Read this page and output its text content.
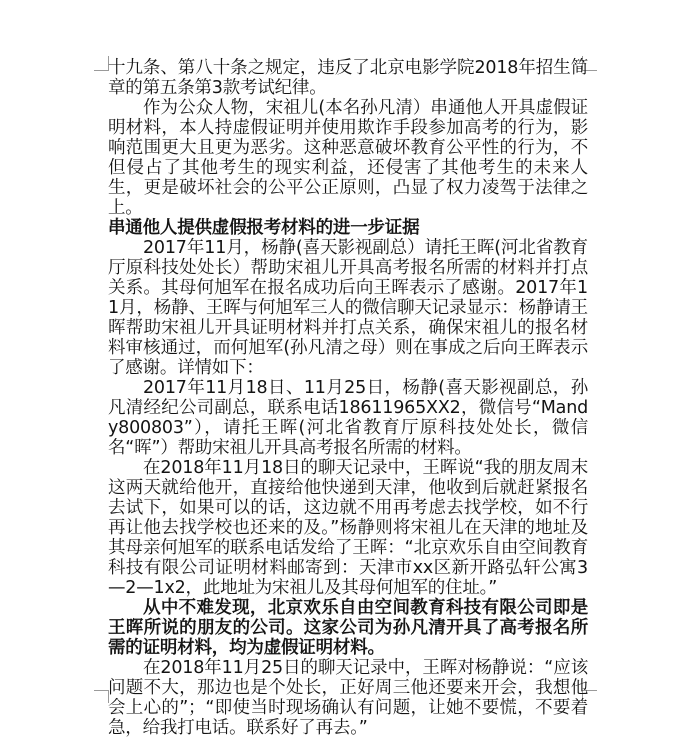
十九条、第八十条之规定，违反了北京电影学院2018年招生简章的第五条第3款考试纪律。

作为公众人物，宋祖儿(本名孙凡清）串通他人开具虚假证明材料，本人持虚假证明并使用欺诈手段参加高考的行为，影响范围更大且更为恶劣。这种恶意破坏教育公平性的行为，不但侵占了其他考生的现实利益，还侵害了其他考生的未来人生，更是破坏社会的公平公正原则，凸显了权力凌驾于法律之上。

串通他人提供虚假报考材料的进一步证据

2017年11月，杨静(喜天影视副总）请托王晖(河北省教育厅原科技处处长）帮助宋祖儿开具高考报名所需的材料并打点关系。其母何旭军在报名成功后向王晖表示了感谢。2017年11月，杨静、王晖与何旭军三人的微信聊天记录显示：杨静请王晖帮助宋祖儿开具证明材料并打点关系，确保宋祖儿的报名材料审核通过，而何旭军(孙凡清之母）则在事成之后向王晖表示了感谢。详情如下：

2017年11月18日、11月25日，杨静(喜天影视副总，孙凡清经纪公司副总，联系电话18611965XX2，微信号“Mandy800803”），请托王晖(河北省教育厅原科技处处长，微信名“晖”）帮助宋祖儿开具高考报名所需的材料。

在2018年11月18日的聊天记录中，王晖说“我的朋友周末这两天就给他开，直接给他快递到天津，他收到后就赶紧报名去试下，如果可以的话，这边就不用再考虑去找学校，如不行再让他去找学校也还来的及。”杨静则将宋祖儿在天津的地址及其母亲何旭军的联系电话发给了王晖：“北京欢乐自由空间教育科技有限公司证明材料邮寄到：天津市xx区新开路弘轩公寓3—2—1x2，此地址为宋祖儿及其母何旭军的住址。”

从中不难发现，北京欢乐自由空间教育科技有限公司即是王晖所说的朋友的公司。这家公司为孙凡清开具了高考报名所需的证明材料，均为虚假证明材料。

在2018年11月25日的聊天记录中，王晖对杨静说：“应该问题不大，那边也是个处长，正好周三他还要来开会，我想他会上心的”；“即使当时现场确认有问题，让她不要慌，不要着急，给我打电话。联系好了再去。”
